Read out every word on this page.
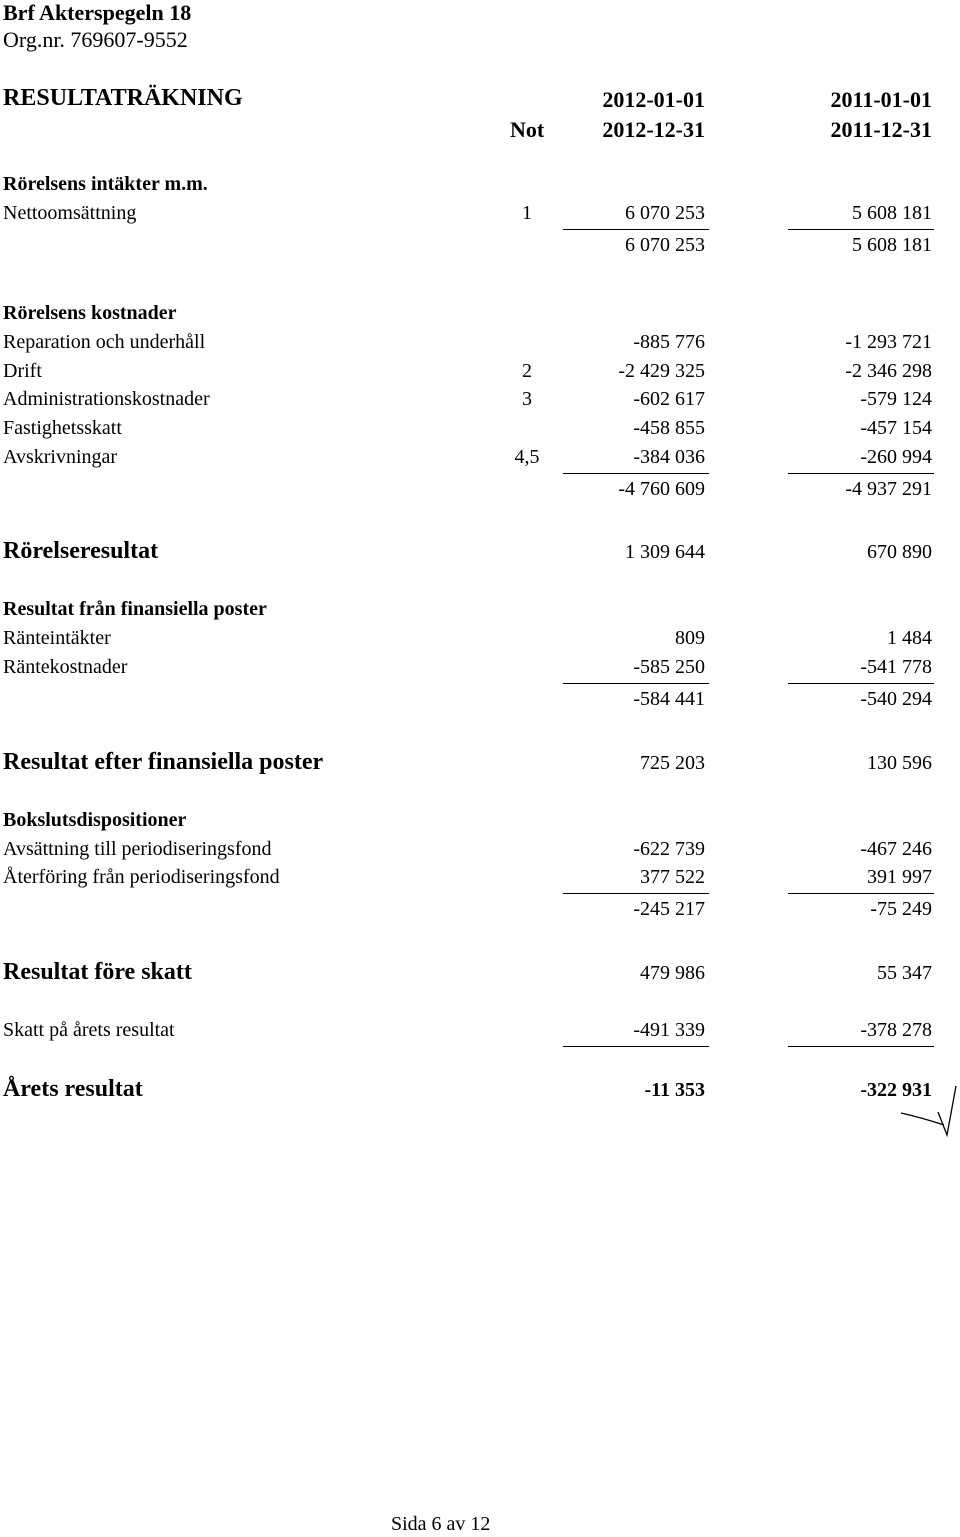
Brf Akterspegeln 18
Org.nr. 769607-9552
RESULTATRÄKNING	2012-01-01	2011-01-01
Not	2012-12-31	2011-12-31
Rörelsens intäkter m.m.
Nettoomsättning	1	6 070 253	5 608 181
6 070 253	5 608 181
Rörelsens kostnader
Reparation och underhåll	-885 776	-1 293 721
Drift	2	-2 429 325	-2 346 298
Administrationskostnader	3	-602 617	-579 124
Fastighetsskatt	-458 855	-457 154
Avskrivningar	4,5	-384 036	-260 994
-4 760 609	-4 937 291
Rörelseresultat	1 309 644	670 890
Resultat från finansiella poster
Ränteintäkter	809	1 484
Räntekostnader	-585 250	-541 778
-584 441	-540 294
Resultat efter finansiella poster	725 203	130 596
Bokslutsdispositioner
Avsättning till periodiseringsfond	-622 739	-467 246
Återföring från periodiseringsfond	377 522	391 997
-245 217	-75 249
Resultat före skatt	479 986	55 347
Skatt på årets resultat	-491 339	-378 278
Årets resultat	-11 353	-322 931
Sida 6 av 12
